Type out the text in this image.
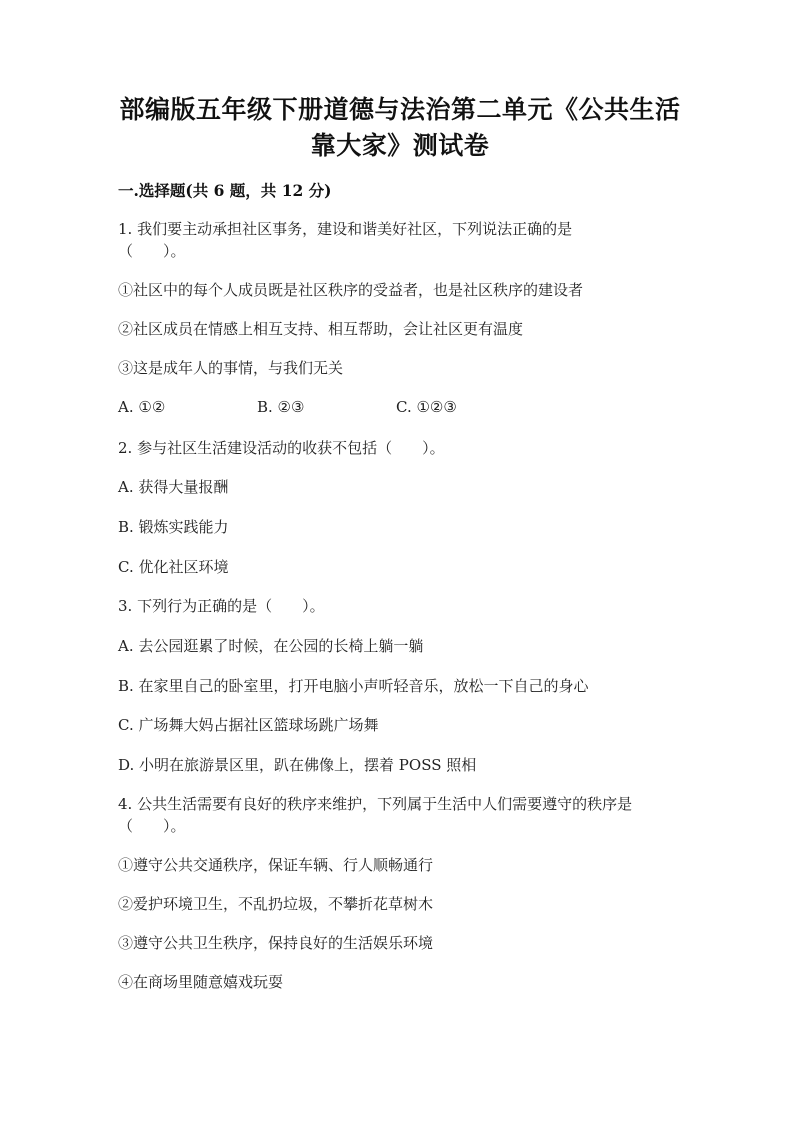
部编版五年级下册道德与法治第二单元《公共生活
靠大家》测试卷
一.选择题(共 6 题，共 12 分)
1. 我们要主动承担社区事务，建设和谐美好社区，下列说法正确的是
（　　）。
①社区中的每个人成员既是社区秩序的受益者，也是社区秩序的建设者
②社区成员在情感上相互支持、相互帮助，会让社区更有温度
③这是成年人的事情，与我们无关
A. ①②	B. ②③	C. ①②③
2. 参与社区生活建设活动的收获不包括（　　）。
A. 获得大量报酬
B. 锻炼实践能力
C. 优化社区环境
3. 下列行为正确的是（　　）。
A. 去公园逛累了时候，在公园的长椅上躺一躺
B. 在家里自己的卧室里，打开电脑小声听轻音乐，放松一下自己的身心
C. 广场舞大妈占据社区篮球场跳广场舞
D. 小明在旅游景区里，趴在佛像上，摆着 POSS 照相
4. 公共生活需要有良好的秩序来维护，下列属于生活中人们需要遵守的秩序是
（　　）。
①遵守公共交通秩序，保证车辆、行人顺畅通行
②爱护环境卫生，不乱扔垃圾，不攀折花草树木
③遵守公共卫生秩序，保持良好的生活娱乐环境
④在商场里随意嬉戏玩耍
